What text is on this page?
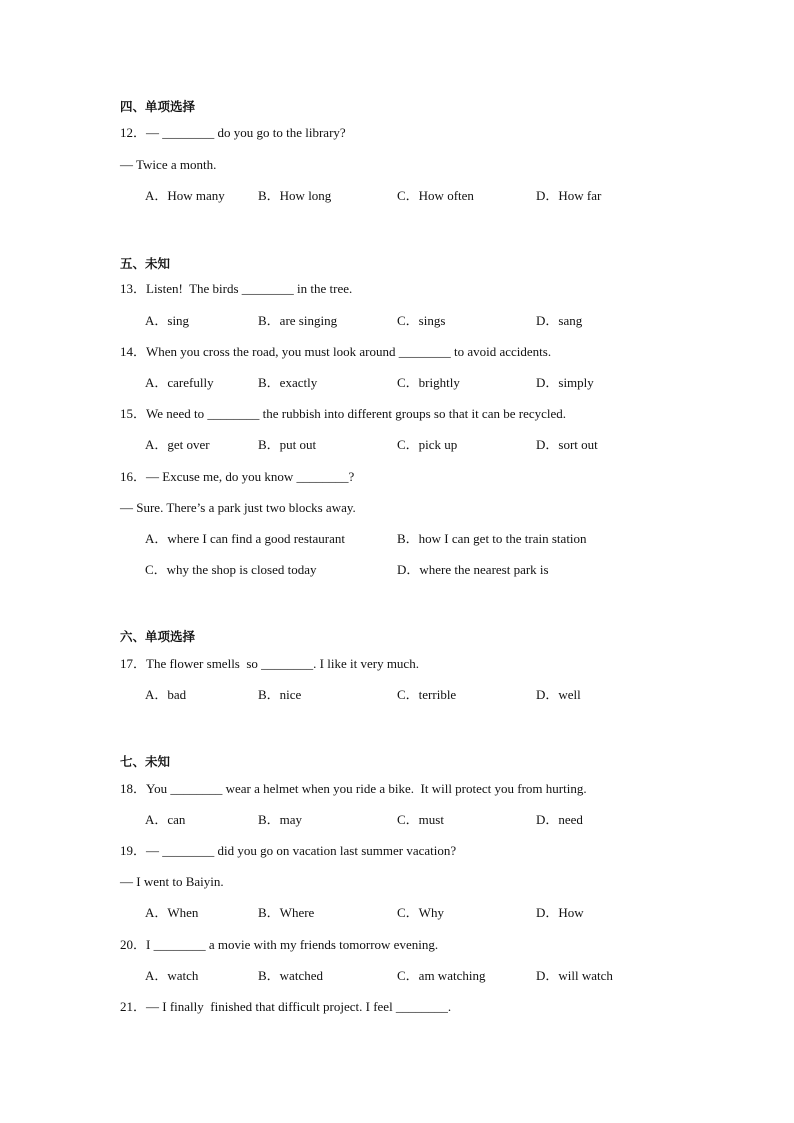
四、单项选择
12．— ________ do you go to the library?
— Twice a month.
A．How many	B．How long	C．How often	D．How far
五、未知
13．Listen!  The birds ________ in the tree.
A．sing	B．are singing	C．sings	D．sang
14．When you cross the road, you must look around ________ to avoid accidents.
A．carefully	B．exactly	C．brightly	D．simply
15．We need to ________ the rubbish into different groups so that it can be recycled.
A．get over	B．put out	C．pick up	D．sort out
16．— Excuse me, do you know ________?
— Sure. There’s a park just two blocks away.
A．where I can find a good restaurant	B．how I can get to the train station
C．why the shop is closed today	D．where the nearest park is
六、单项选择
17．The flower smells  so ________. I like it very much.
A．bad	B．nice	C．terrible	D．well
七、未知
18．You ________ wear a helmet when you ride a bike.  It will protect you from hurting.
A．can	B．may	C．must	D．need
19．— ________ did you go on vacation last summer vacation?
— I went to Baiyin.
A．When	B．Where	C．Why	D．How
20．I ________ a movie with my friends tomorrow evening.
A．watch	B．watched	C．am watching	D．will watch
21．— I finally  finished that difficult project. I feel ________.
